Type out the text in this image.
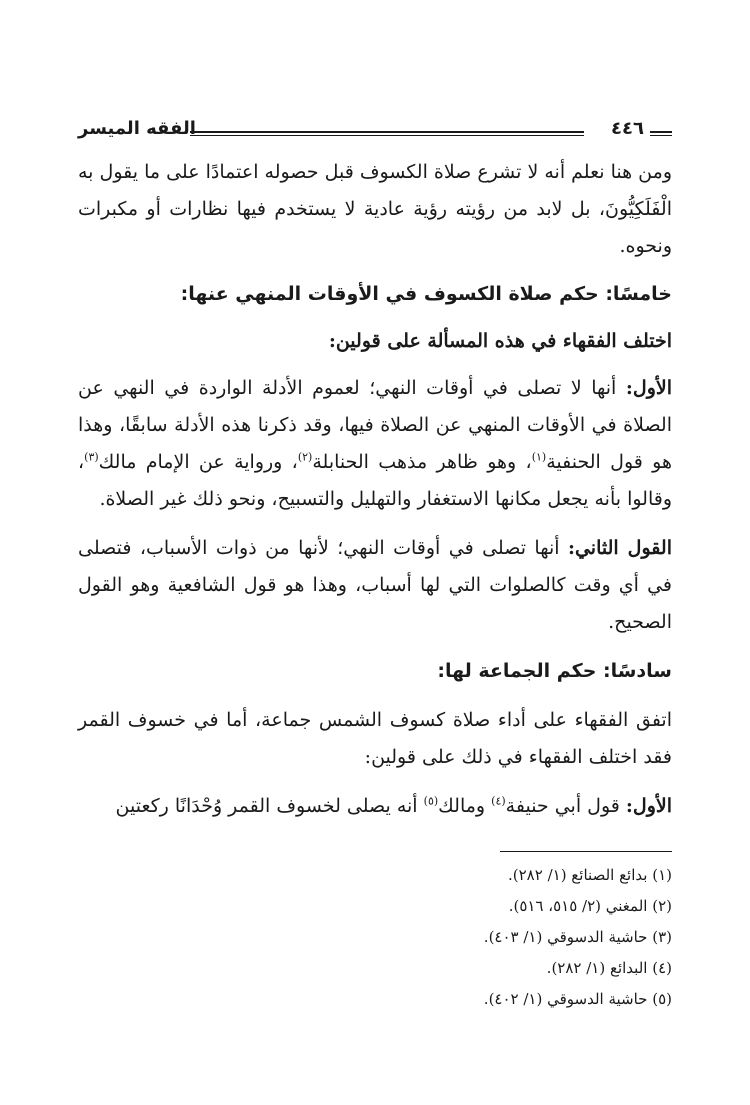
٤٤٦
الفقه الميسر

ومن هنا نعلم أنه لا تشرع صلاة الكسوف قبل حصوله اعتمادًا على ما يقول به الْفَلَكِيُّونَ، بل لابد من رؤيته رؤية عادية لا يستخدم فيها نظارات أو مكبرات ونحوه.

خامسًا: حكم صلاة الكسوف في الأوقات المنهي عنها:

اختلف الفقهاء في هذه المسألة على قولين:

الأول: أنها لا تصلى في أوقات النهي؛ لعموم الأدلة الواردة في النهي عن الصلاة في الأوقات المنهي عن الصلاة فيها، وقد ذكرنا هذه الأدلة سابقًا، وهذا هو قول الحنفية$^{(١)}$، وهو ظاهر مذهب الحنابلة$^{(٢)}$، ورواية عن الإمام مالك$^{(٣)}$، وقالوا بأنه يجعل مكانها الاستغفار والتهليل والتسبيح، ونحو ذلك غير الصلاة.

القول الثاني: أنها تصلى في أوقات النهي؛ لأنها من ذوات الأسباب، فتصلى في أي وقت كالصلوات التي لها أسباب، وهذا هو قول الشافعية وهو القول الصحيح.

سادسًا: حكم الجماعة لها:

اتفق الفقهاء على أداء صلاة كسوف الشمس جماعة، أما في خسوف القمر فقد اختلف الفقهاء في ذلك على قولين:

الأول: قول أبي حنيفة$^{(٤)}$ ومالك$^{(٥)}$ أنه يصلى لخسوف القمر وُحْدَانًا ركعتين

(١) بدائع الصنائع (١/ ٢٨٢).

(٢) المغني (٢/ ٥١٥، ٥١٦).

(٣) حاشية الدسوقي (١/ ٤٠٣).

(٤) البدائع (١/ ٢٨٢).

(٥) حاشية الدسوقي (١/ ٤٠٢).
